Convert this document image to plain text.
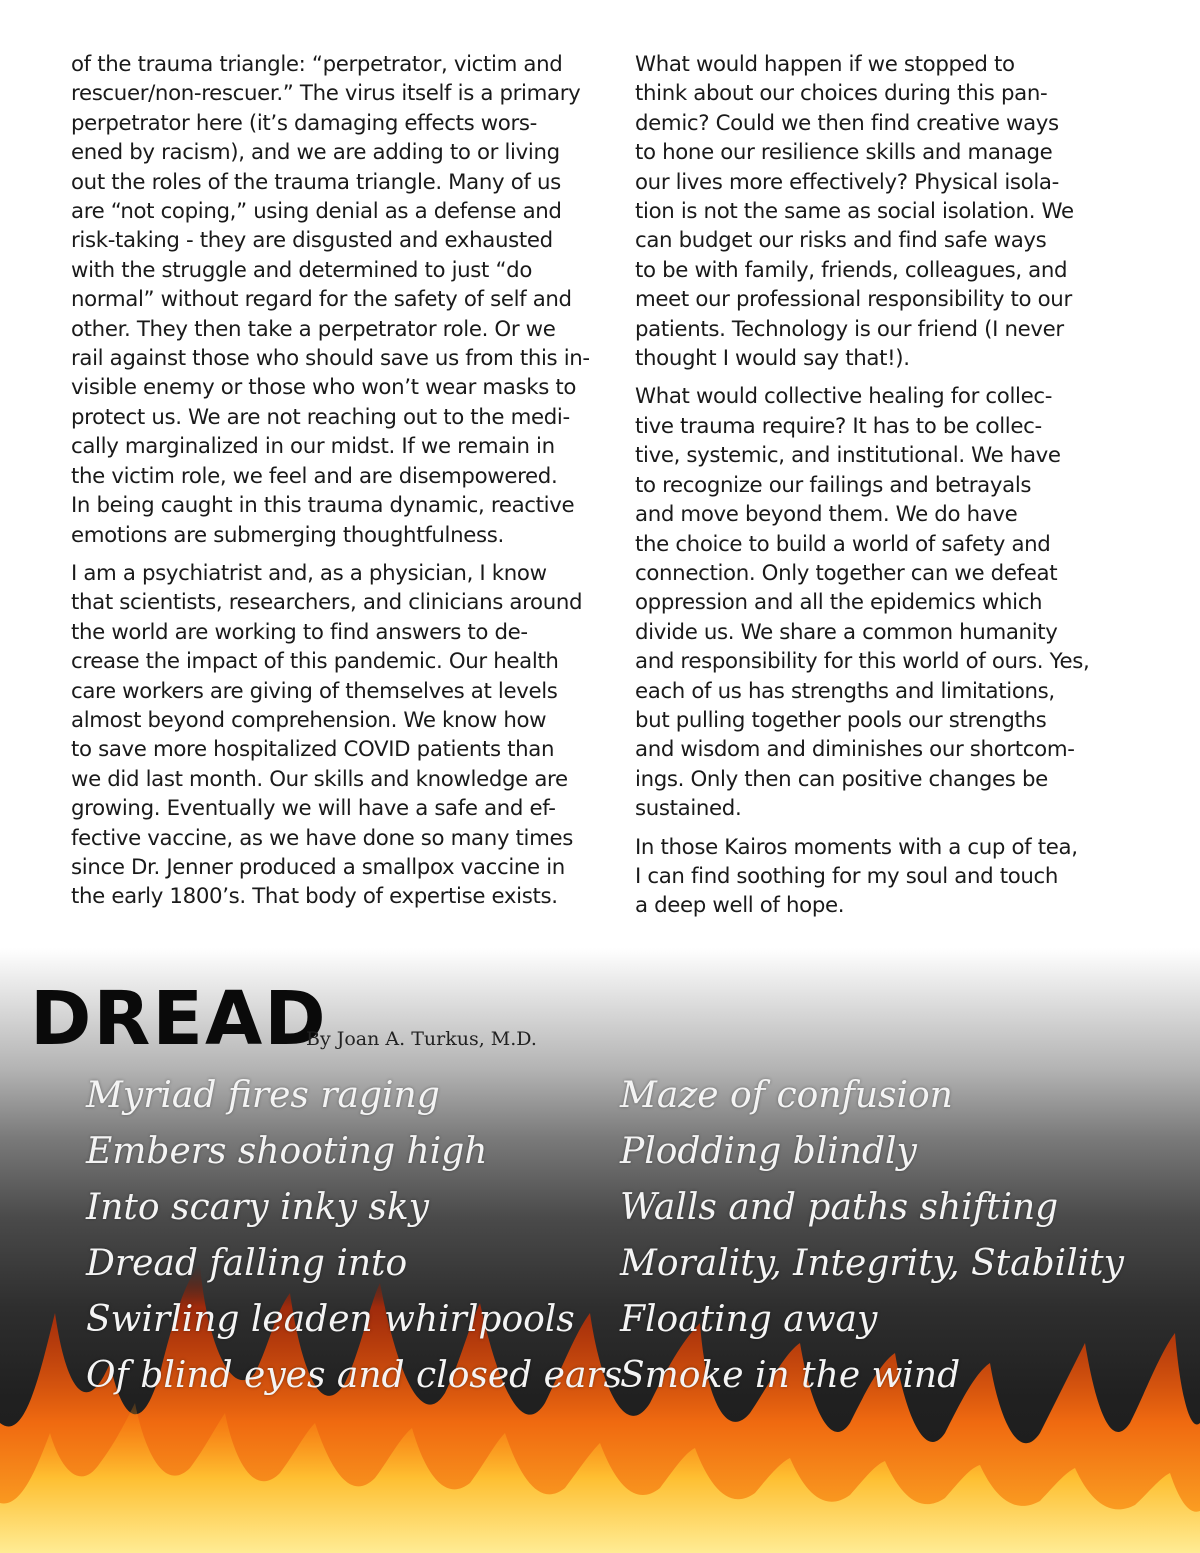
of the trauma triangle: “perpetrator, victim and
rescuer/non-rescuer.” The virus itself is a primary
perpetrator here (it’s damaging effects wors-
ened by racism), and we are adding to or living
out the roles of the trauma triangle. Many of us
are “not coping,” using denial as a defense and
risk-taking - they are disgusted and exhausted
with the struggle and determined to just “do
normal” without regard for the safety of self and
other. They then take a perpetrator role. Or we
rail against those who should save us from this in-
visible enemy or those who won’t wear masks to
protect us. We are not reaching out to the medi-
cally marginalized in our midst. If we remain in
the victim role, we feel and are disempowered.
In being caught in this trauma dynamic, reactive
emotions are submerging thoughtfulness.

I am a psychiatrist and, as a physician, I know
that scientists, researchers, and clinicians around
the world are working to find answers to de-
crease the impact of this pandemic. Our health
care workers are giving of themselves at levels
almost beyond comprehension. We know how
to save more hospitalized COVID patients than
we did last month. Our skills and knowledge are
growing. Eventually we will have a safe and ef-
fective vaccine, as we have done so many times
since Dr. Jenner produced a smallpox vaccine in
the early 1800’s. That body of expertise exists.

What would happen if we stopped to
think about our choices during this pan-
demic? Could we then find creative ways
to hone our resilience skills and manage
our lives more effectively? Physical isola-
tion is not the same as social isolation. We
can budget our risks and find safe ways
to be with family, friends, colleagues, and
meet our professional responsibility to our
patients. Technology is our friend (I never
thought I would say that!).

What would collective healing for collec-
tive trauma require? It has to be collec-
tive, systemic, and institutional. We have
to recognize our failings and betrayals
and move beyond them. We do have
the choice to build a world of safety and
connection. Only together can we defeat
oppression and all the epidemics which
divide us. We share a common humanity
and responsibility for this world of ours. Yes,
each of us has strengths and limitations,
but pulling together pools our strengths
and wisdom and diminishes our shortcom-
ings. Only then can positive changes be
sustained.

In those Kairos moments with a cup of tea,
I can find soothing for my soul and touch
a deep well of hope.

DREAD
By Joan A. Turkus, M.D.
Myriad fires raging
Embers shooting high
Into scary inky sky
Dread falling into
Swirling leaden whirlpools
Of blind eyes and closed ears
Maze of confusion
Plodding blindly
Walls and paths shifting
Morality, Integrity, Stability
Floating away
Smoke in the wind
